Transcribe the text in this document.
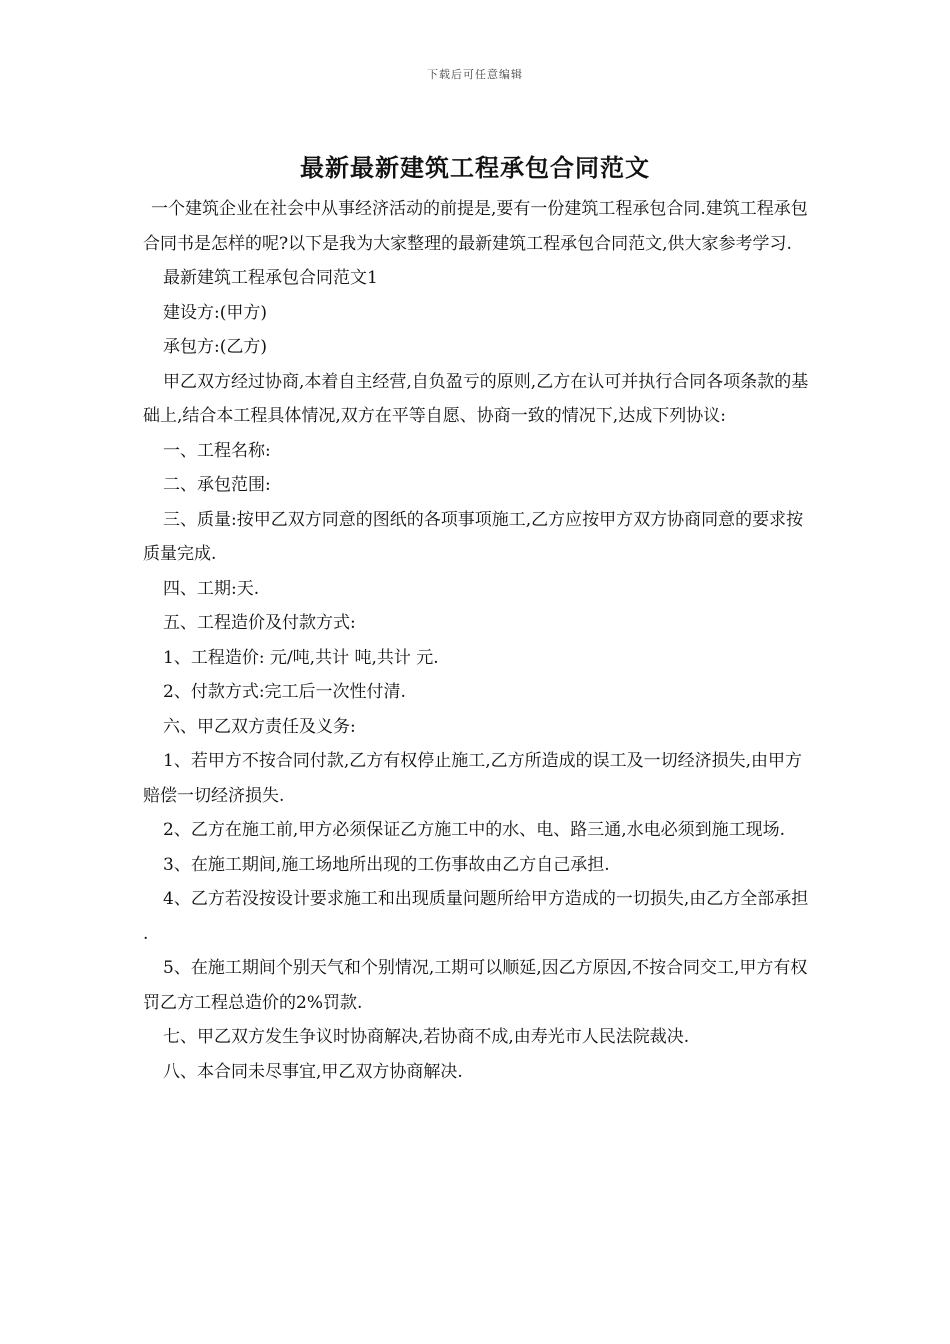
下载后可任意编辑
最新最新建筑工程承包合同范文

一个建筑企业在社会中从事经济活动的前提是,要有一份建筑工程承包合同.建筑工程承包合同书是怎样的呢?以下是我为大家整理的最新建筑工程承包合同范文,供大家参考学习.

最新建筑工程承包合同范文1

建设方:(甲方)

承包方:(乙方)

甲乙双方经过协商,本着自主经营,自负盈亏的原则,乙方在认可并执行合同各项条款的基础上,结合本工程具体情况,双方在平等自愿、协商一致的情况下,达成下列协议:

一、工程名称:

二、承包范围:

三、质量:按甲乙双方同意的图纸的各项事项施工,乙方应按甲方双方协商同意的要求按质量完成.

四、工期:天.

五、工程造价及付款方式:

1、工程造价: 元/吨,共计 吨,共计 元.

2、付款方式:完工后一次性付清.

六、甲乙双方责任及义务:

1、若甲方不按合同付款,乙方有权停止施工,乙方所造成的误工及一切经济损失,由甲方赔偿一切经济损失.

2、乙方在施工前,甲方必须保证乙方施工中的水、电、路三通,水电必须到施工现场.

3、在施工期间,施工场地所出现的工伤事故由乙方自己承担.

4、乙方若没按设计要求施工和出现质量问题所给甲方造成的一切损失,由乙方全部承担.

5、在施工期间个别天气和个别情况,工期可以顺延,因乙方原因,不按合同交工,甲方有权罚乙方工程总造价的2%罚款.

七、甲乙双方发生争议时协商解决,若协商不成,由寿光市人民法院裁决.

八、本合同未尽事宜,甲乙双方协商解决.
